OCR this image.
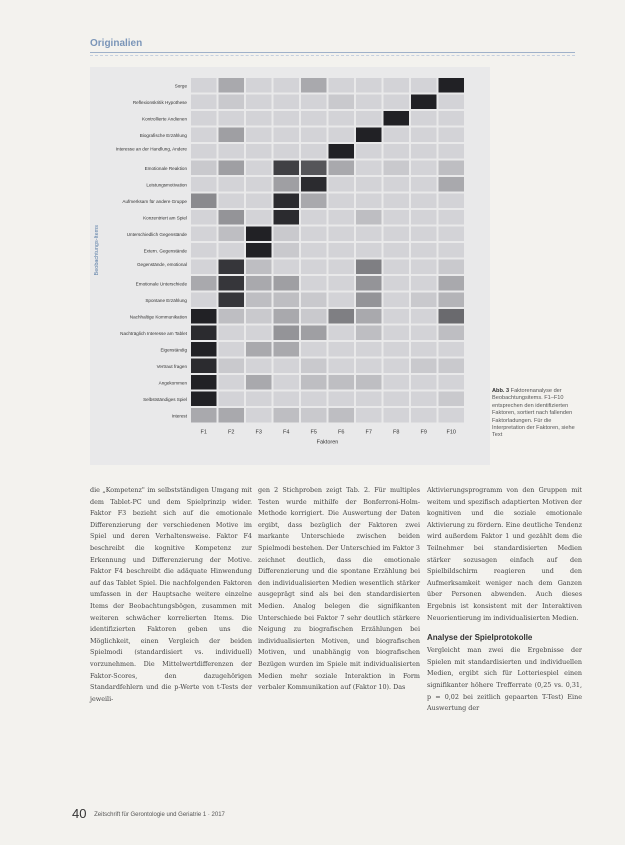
Originalien
Sorge
Reflexionskritik Hypothese
Kontrollierte Andienen
Biografische Erzählung
Interesse an der Handlung, Andere
Emotionale Reaktion
Leistungsmotivation
Aufmerksam für andere Gruppe
Konzentriert am Spiel
Unterschiedlich Gegenstände
Extern. Gegenstände
Gegenstände, emotional
Emotionale Unterschiede
Spontane Erzählung
Nachhaltige Kommunikation
Nachträglich Interesse am Tablet
Eigenständig
Vertraut fragen
Angekommen
Selbstständiges Spiel
Interest
F1	F2	F3	F4	F5	F6	F7	F8	F9	F10
Faktoren
Beobachtungs-Items
Abb. 3 Faktorenanalyse der Beobachtungsitems. F1–F10 entsprechen den identifizierten Faktoren, sortiert nach fallenden Faktorladungen. Für die Interpretation der Faktoren, siehe Text
die „Kompetenz" im selbstständigen Umgang mit dem Tablet-PC und dem Spielprinzip wider. Faktor F3 bezieht sich auf die emotionale Differenzierung der verschiedenen Motive im Spiel und deren Verhaltensweise. Faktor F4 beschreibt die kognitive Kompetenz zur Erkennung und Differenzierung der Motive. Faktor F4 beschreibt die adäquate Hinwendung auf das Tablet Spiel. Die nachfolgenden Faktoren umfassen in der Hauptsache weitere einzelne Items der Beobachtungsbögen, zusammen mit weiteren schwächer korrelierten Items. Die identifizierten Faktoren geben uns die Möglichkeit, einen Vergleich der beiden Spielmodi (standardisiert vs. individuell) vorzunehmen. Die Mittelwertdifferenzen der Faktor-Scores, den dazugehörigen Standardfehlern und die p-Werte von t-Tests der jeweili-
gen 2 Stichproben zeigt Tab. 2. Für multiples Testen wurde mithilfe der Bonferroni-Holm-Methode korrigiert. Die Auswertung der Daten ergibt, dass bezüglich der Faktoren zwei markante Unterschiede zwischen beiden Spielmodi bestehen. Der Unterschied im Faktor 3 zeichnet deutlich, dass die emotionale Differenzierung und die spontane Erzählung bei den individualisierten Medien wesentlich stärker ausgeprägt sind als bei den standardisierten Medien. Analog belegen die signifikanten Unterschiede bei Faktor 7 sehr deutlich stärkere Neigung zu biografischen Erzählungen bei individualisierten Motiven, und biografischen Motiven, und unabhängig von biografischen Bezügen wurden im Spiele mit individualisierten Medien mehr soziale Interaktion in Form verbaler Kommunikation auf (Faktor 10). Das
Aktivierungsprogramm von den Gruppen mit weitem und spezifisch adaptierten Motiven der kognitiven und die soziale emotionale Aktivierung zu fördern. Eine deutliche Tendenz wird außerdem Faktor 1 und gezählt dem die Teilnehmer bei standardisierten Medien stärker sozusagen einfach auf den Spielbildschirm reagieren und den Aufmerksamkeit weniger nach dem Ganzen über Personen abwenden. Auch dieses Ergebnis ist konsistent mit der Interaktiven Neuorientierung im individualisierten Medien.
Analyse der Spielprotokolle
Vergleicht man zwei die Ergebnisse der Spielen mit standardisierten und individuellen Medien, ergibt sich für Lotteriespiel einen signifikanter höhere Trefferrate (0,25 vs. 0,31, p = 0,02 bei zeitlich gepaarten T-Test) Eine Auswertung der
40 Zeitschrift für Gerontologie und Geriatrie 1 · 2017
